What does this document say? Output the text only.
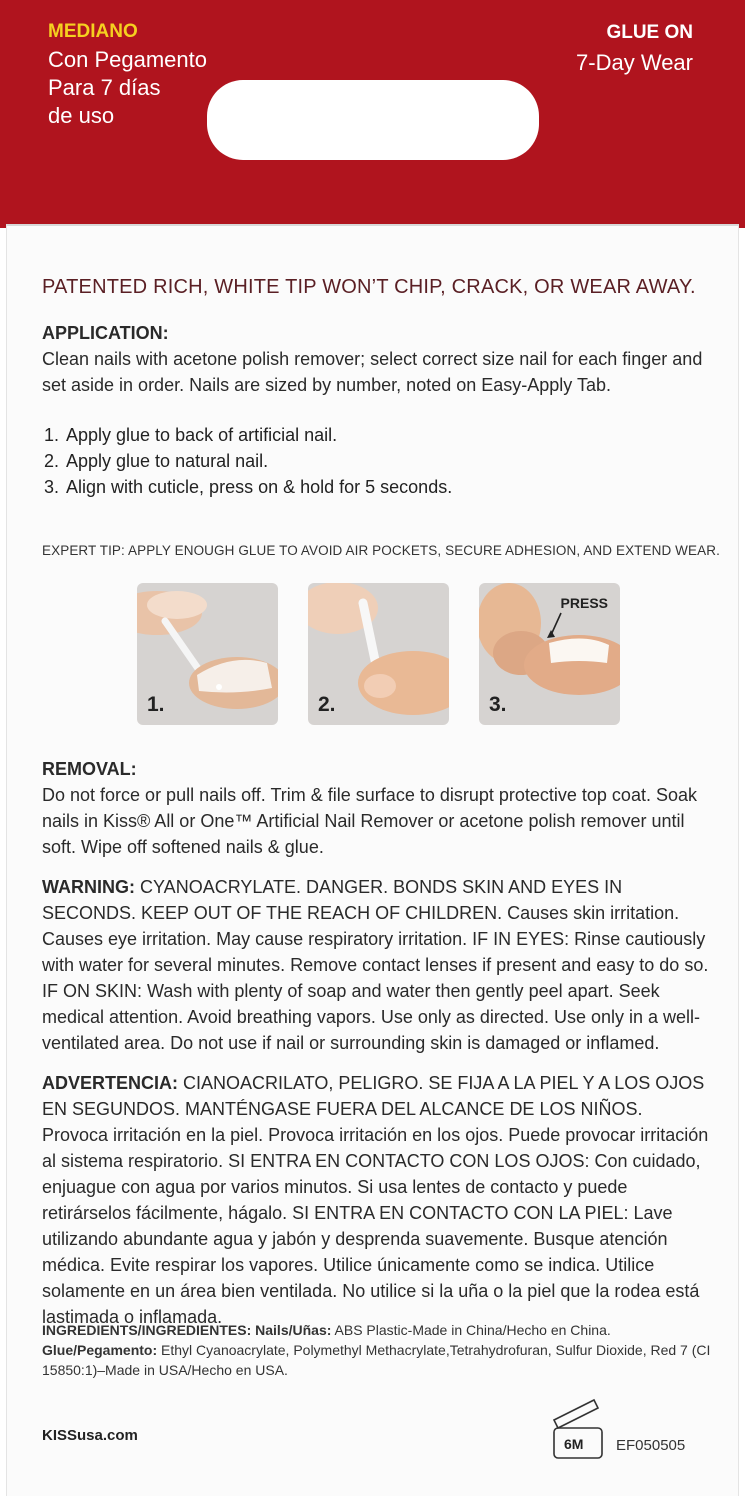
MEDIANO
Con Pegamento
Para 7 días
de uso
GLUE ON
7-Day Wear
PATENTED RICH, WHITE TIP WON’T CHIP, CRACK, OR WEAR AWAY.
APPLICATION:
Clean nails with acetone polish remover; select correct size nail for each finger and set aside in order. Nails are sized by number, noted on Easy-Apply Tab.
1. Apply glue to back of artificial nail.
2. Apply glue to natural nail.
3. Align with cuticle, press on & hold for 5 seconds.
EXPERT TIP: APPLY ENOUGH GLUE TO AVOID AIR POCKETS, SECURE ADHESION, AND EXTEND WEAR.
1.	2.
PRESS
3.
REMOVAL:
Do not force or pull nails off. Trim & file surface to disrupt protective top coat. Soak nails in Kiss® All or One™ Artificial Nail Remover or acetone polish remover until soft. Wipe off softened nails & glue.
WARNING: CYANOACRYLATE. DANGER. BONDS SKIN AND EYES IN SECONDS. KEEP OUT OF THE REACH OF CHILDREN. Causes skin irritation. Causes eye irritation. May cause respiratory irritation. IF IN EYES: Rinse cautiously with water for several minutes. Remove contact lenses if present and easy to do so. IF ON SKIN: Wash with plenty of soap and water then gently peel apart. Seek medical attention. Avoid breathing vapors. Use only as directed. Use only in a well-ventilated area. Do not use if nail or surrounding skin is damaged or inflamed.
ADVERTENCIA: CIANOACRILATO, PELIGRO. SE FIJA A LA PIEL Y A LOS OJOS EN SEGUNDOS. MANTÉNGASE FUERA DEL ALCANCE DE LOS NIÑOS. Provoca irritación en la piel. Provoca irritación en los ojos. Puede provocar irritación al sistema respiratorio. SI ENTRA EN CONTACTO CON LOS OJOS: Con cuidado, enjuague con agua por varios minutos. Si usa lentes de contacto y puede retirárselos fácilmente, hágalo. SI ENTRA EN CONTACTO CON LA PIEL: Lave utilizando abundante agua y jabón y desprenda suavemente. Busque atención médica. Evite respirar los vapores. Utilice únicamente como se indica. Utilice solamente en un área bien ventilada. No utilice si la uña o la piel que la rodea está lastimada o inflamada.
INGREDIENTS/INGREDIENTES: Nails/Uñas: ABS Plastic-Made in China/Hecho en China.
Glue/Pegamento: Ethyl Cyanoacrylate, Polymethyl Methacrylate,Tetrahydrofuran, Sulfur Dioxide, Red 7 (CI 15850:1)–Made in USA/Hecho en USA.
KISSusa.com	6M EF050505
